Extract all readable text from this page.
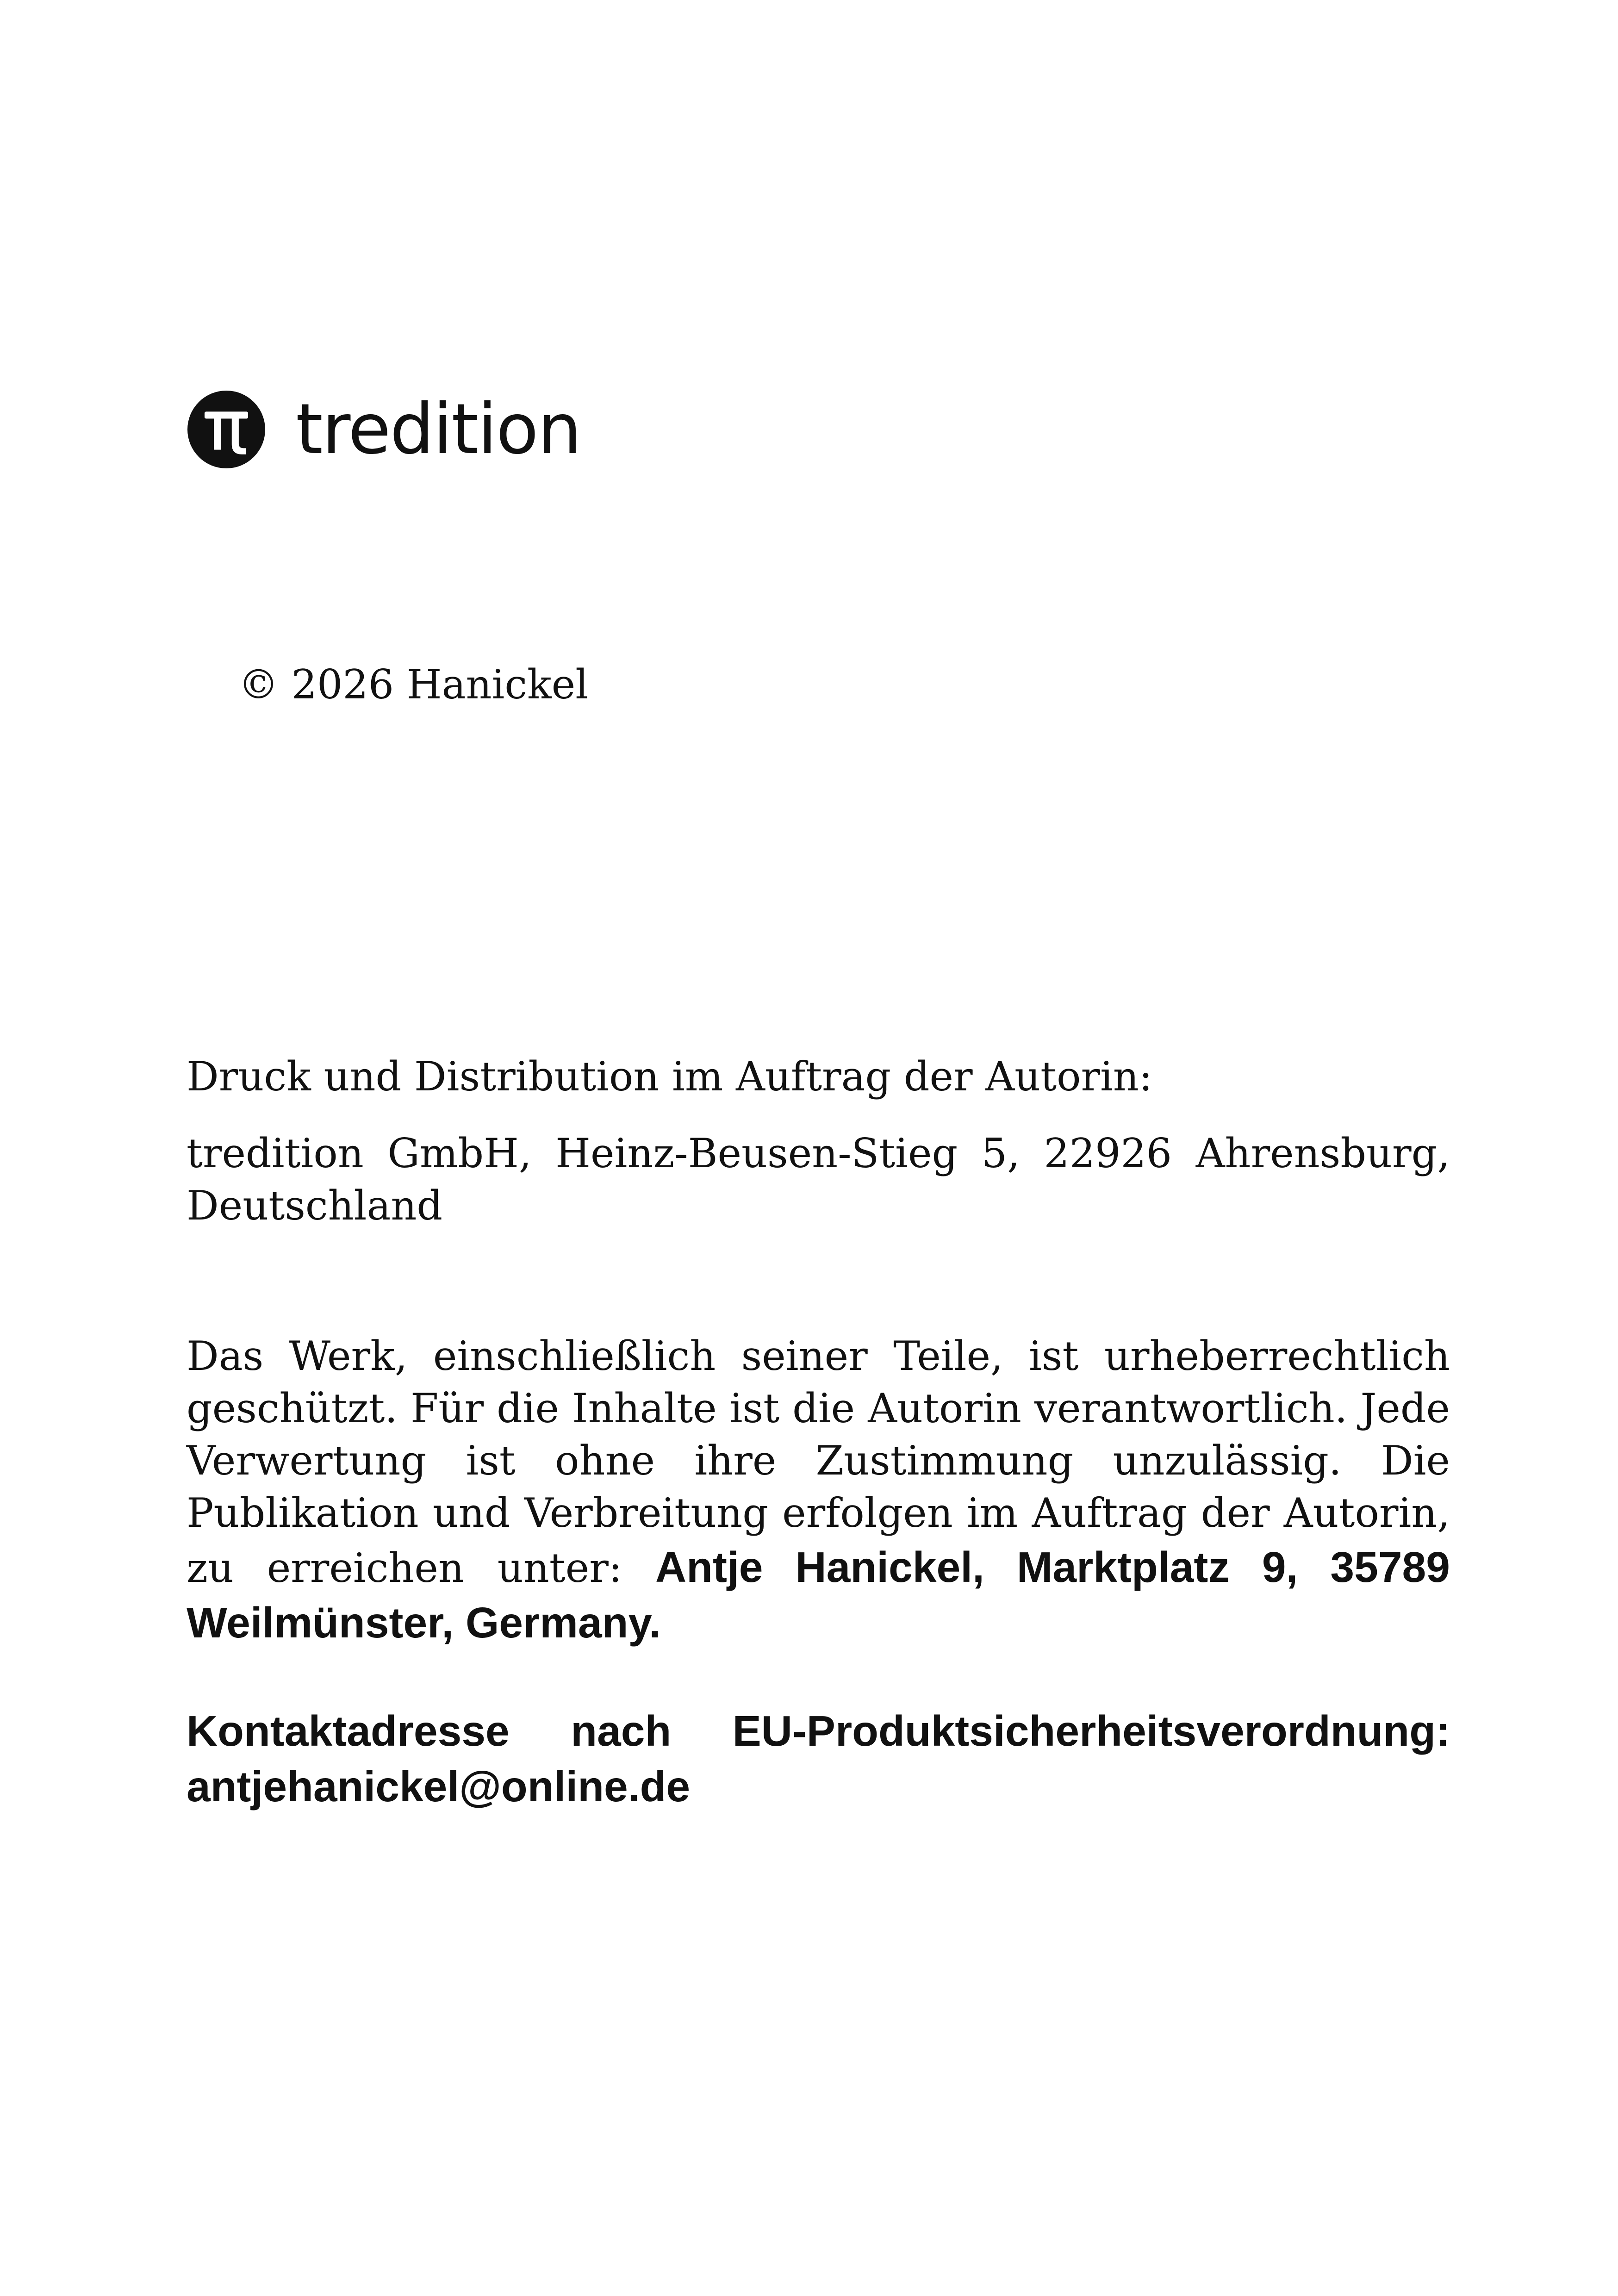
tredition
© 2026 Hanickel
Druck und Distribution im Auftrag der Autorin:
tredition GmbH, Heinz-Beusen-Stieg 5, 22926 Ahrensburg, Deutschland
Das Werk, einschließlich seiner Teile, ist urheberrechtlich geschützt. Für die Inhalte ist die Autorin verantwortlich. Jede Verwertung ist ohne ihre Zustimmung unzulässig. Die Publikation und Verbreitung erfolgen im Auftrag der Autorin, zu erreichen unter: Antje Hanickel, Marktplatz 9, 35789 Weilmünster, Germany.
Kontaktadresse nach EU-Produktsicherheitsverordnung:
antjehanickel@online.de
